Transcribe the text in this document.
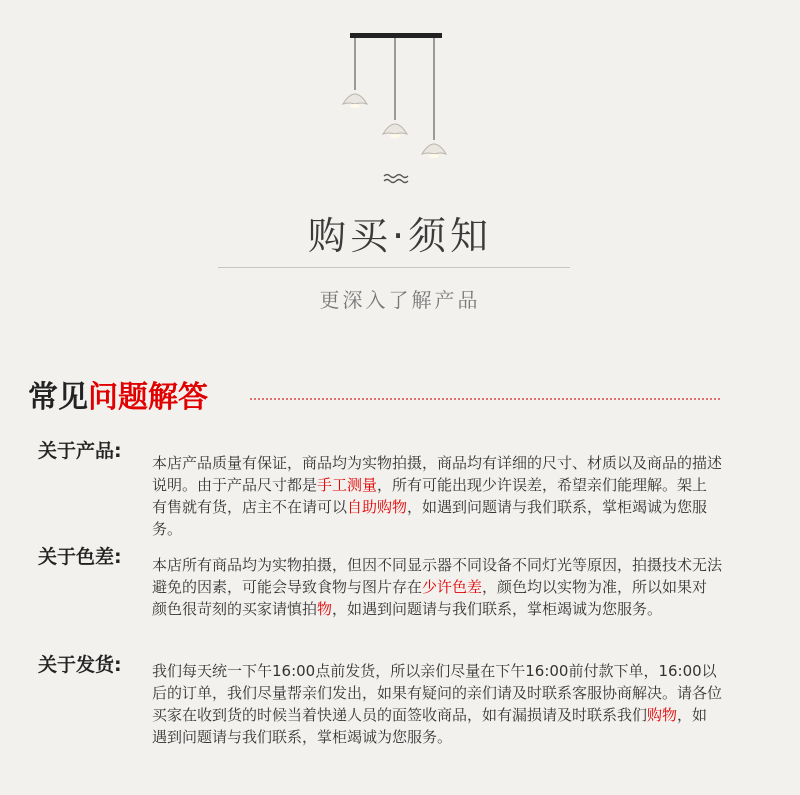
购买·须知
更深入了解产品
常见问题解答
关于产品:
本店产品质量有保证，商品均为实物拍摄，商品均有详细的尺寸、材质以及商品的描述说明。由于产品尺寸都是手工测量，所有可能出现少许误差，希望亲们能理解。架上有售就有货，店主不在请可以自助购物，如遇到问题请与我们联系，掌柜竭诚为您服务。
关于色差: 本店所有商品均为实物拍摄，但因不同显示器不同设备不同灯光等原因，拍摄技术无法避免的因素，可能会导致食物与图片存在少许色差，颜色均以实物为准，所以如果对颜色很苛刻的买家请慎拍物，如遇到问题请与我们联系，掌柜竭诚为您服务。
关于发货: 我们每天统一下午16:00点前发货，所以亲们尽量在下午16:00前付款下单，16:00以后的订单，我们尽量帮亲们发出，如果有疑问的亲们请及时联系客服协商解决。请各位买家在收到货的时候当着快递人员的面签收商品，如有漏损请及时联系我们购物，如遇到问题请与我们联系，掌柜竭诚为您服务。
